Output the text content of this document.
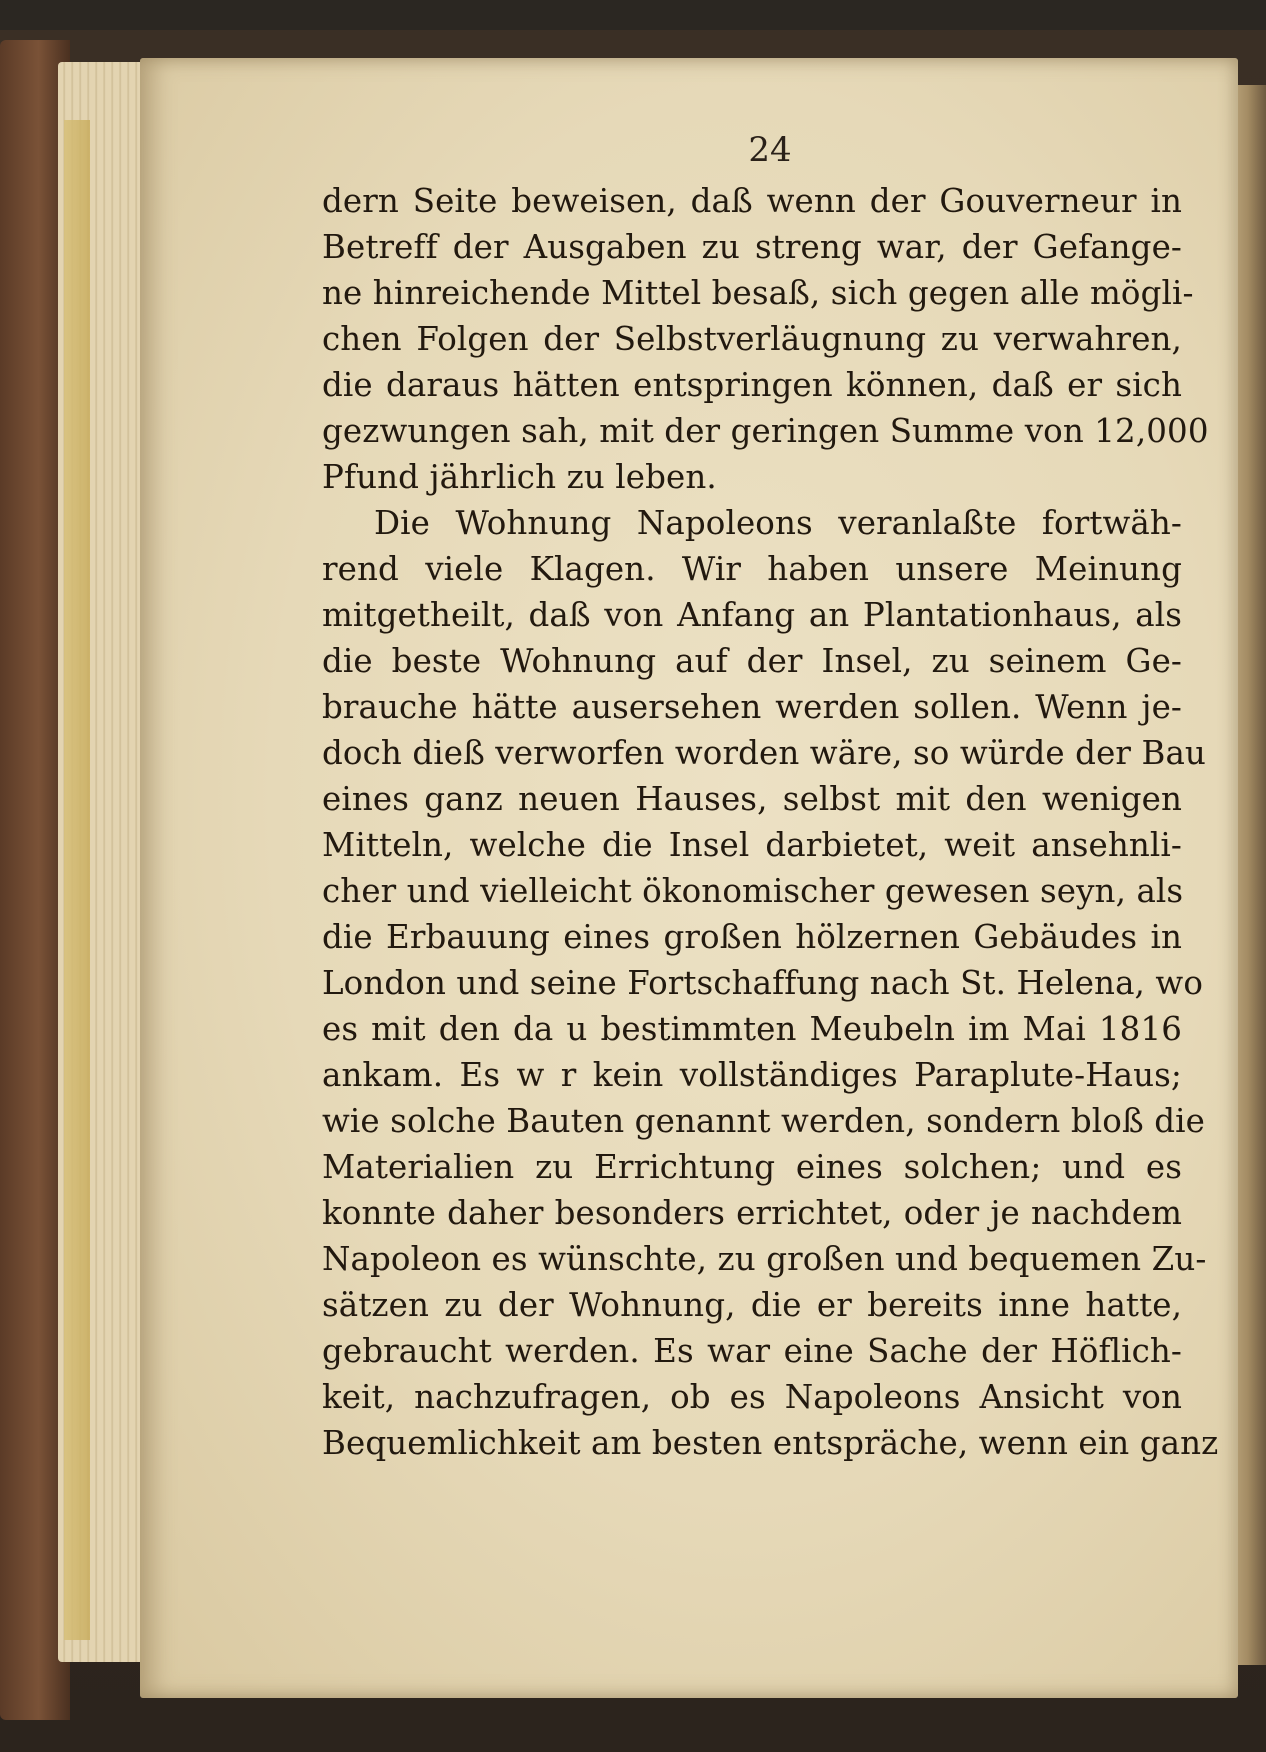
24
dern Seite beweisen, daß wenn der Gouverneur in
Betreff der Ausgaben zu streng war, der Gefange-
ne hinreichende Mittel besaß, sich gegen alle mögli-
chen Folgen der Selbstverläugnung zu verwahren,
die daraus hätten entspringen können, daß er sich
gezwungen sah, mit der geringen Summe von 12,000
Pfund jährlich zu leben.
Die Wohnung Napoleons veranlaßte fortwäh-
rend viele Klagen. Wir haben unsere Meinung
mitgetheilt, daß von Anfang an Plantationhaus, als
die beste Wohnung auf der Insel, zu seinem Ge-
brauche hätte ausersehen werden sollen. Wenn je-
doch dieß verworfen worden wäre, so würde der Bau
eines ganz neuen Hauses, selbst mit den wenigen
Mitteln, welche die Insel darbietet, weit ansehnli-
cher und vielleicht ökonomischer gewesen seyn, als
die Erbauung eines großen hölzernen Gebäudes in
London und seine Fortschaffung nach St. Helena, wo
es mit den da u bestimmten Meubeln im Mai 1816
ankam. Es w r kein vollständiges Paraplute-Haus;
wie solche Bauten genannt werden, sondern bloß die
Materialien zu Errichtung eines solchen; und es
konnte daher besonders errichtet, oder je nachdem
Napoleon es wünschte, zu großen und bequemen Zu-
sätzen zu der Wohnung, die er bereits inne hatte,
gebraucht werden. Es war eine Sache der Höflich-
keit, nachzufragen, ob es Napoleons Ansicht von
Bequemlichkeit am besten entspräche, wenn ein ganz
